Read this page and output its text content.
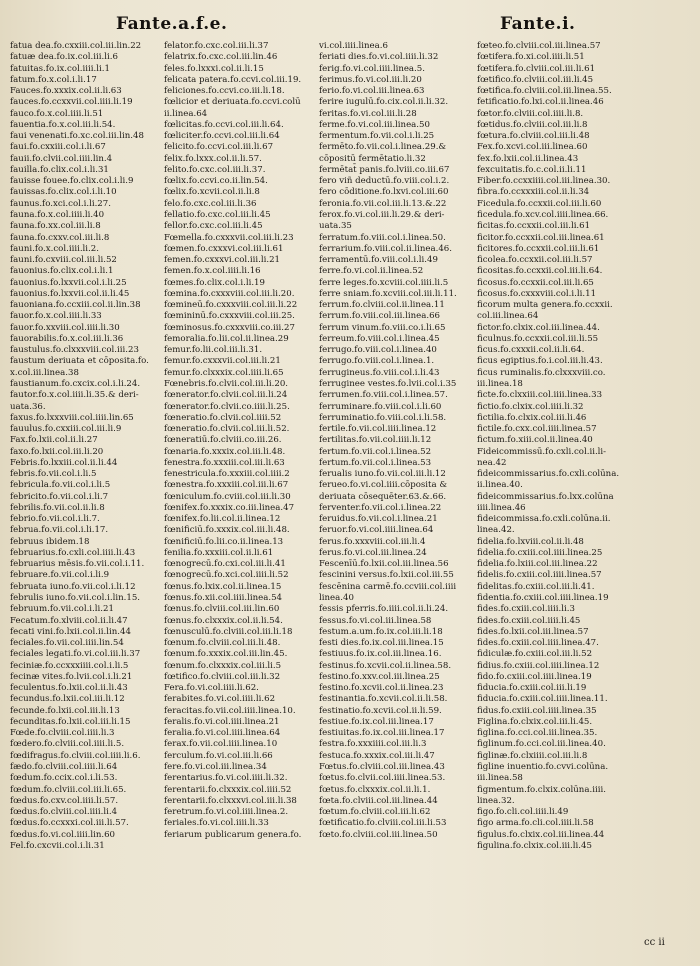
Fante.a.f.e.	Fante.i.
fatua dea.fo.cxxiii.col.iii.lin.22
fatuæ dea.fo.ix.col.iii.li.6
fatuitas.fo.ix.col.iiii.li.1
fatum.fo.x.col.i.li.17
Fauces.fo.xxxix.col.ii.li.63
fauces.fo.ccxxvii.col.iiii.li.19
fauco.fo.x.col.iiii.li.51
fauentia.fo.x.col.iii.li.54.
faui venenati.fo.xc.col.iii.lin.48
faui.fo.cxxiii.col.i.li.67
fauii.fo.clvii.col.iiii.lin.4
fauilla.fo.clix.col.i.li.31
fauisse fouee.fo.clix.col.i.li.9
fauissas.fo.clix.col.i.li.10
faunus.fo.xci.col.i.li.27.
fauna.fo.x.col.iiii.li.40
fauna.fo.xx.col.iii.li.8
fauna.fo.cxxv.col.iii.li.8
fauni.fo.x.col.iiii.li.2.
fauni.fo.cxviii.col.iii.li.52
fauonius.fo.clix.col.i.li.1
fauonius.fo.lxxvii.col.i.li.25
fauonius.fo.lxxvii.col.ii.li.45
fauoniana.fo.ccxiii.col.ii.lin.38
fauor.fo.x.col.iiii.li.33
fauor.fo.xxviii.col.iiii.li.30
fauorabilis.fo.x.col.iii.li.36
faustulus.fo.clxxxviii.col.iii.23
faustum deriuata et cōposita.fo.
x.col.iii.linea.38
faustianum.fo.cxcix.col.i.li.24.
fautor.fo.x.col.iiii.li.35.& deri-
uata.36.
faxus.fo.lxxxviii.col.iiii.lin.65
fauulus.fo.cxxiii.col.iii.li.9
Fax.fo.lxii.col.ii.li.27
faxo.fo.lxii.col.iii.li.20
Febris.fo.lxxiii.col.ii.li.44
febris.fo.vii.col.i.li.5
febricula.fo.vii.col.i.li.5
febricito.fo.vii.col.i.li.7
febrilis.fo.vii.col.ii.li.8
febrio.fo.vii.col.i.li.7.
februa.fo.vii.col.i.li.17.
februus ibidem.18
februarius.fo.cxli.col.iiii.li.43
februarius mēsis.fo.vii.col.i.11.
februare.fo.vii.col.i.li.9
februata iuno.fo.vii.col.i.li.12
februlis iuno.fo.vii.col.i.lin.15.
februum.fo.vii.col.i.li.21
Fecatum.fo.xlviii.col.ii.li.47
fecati vini.fo.lxii.col.ii.lin.44
feciales.fo.vii.col.iiii.lin.54
feciales legati.fo.vi.col.iii.li.37
feciniæ.fo.ccxxxiiii.col.i.li.5
fecinæ vites.fo.lvii.col.i.li.21
feculentus.fo.lxii.col.ii.li.43
fecundus.fo.lxii.col.iii.li.12
fecunde.fo.lxii.col.iii.li.13
fecunditas.fo.lxii.col.iii.li.15
Fœde.fo.clviii.col.iiii.li.3
fœdero.fo.clviii.col.iiii.li.5.
fœdifragus.fo.clviii.col.iiii.li.6.
fædo.fo.clviii.col.iiii.li.64
fœdum.fo.ccix.col.i.li.53.
fœdum.fo.clviii.col.iii.li.65.
fœdus.fo.cxv.col.iiii.li.57.
fœdus.fo.clviii.col.iiii.li.4
fœdus.fo.ccxxxi.col.iii.li.57.
fœdus.fo.vi.col.iiii.lin.60
Fel.fo.cxcvii.col.i.li.31
felator.fo.cxc.col.iii.li.37
felatrix.fo.cxc.col.iii.lin.46
feles.fo.lxxxi.col.ii.li.15
felicata patera.fo.ccvi.col.iii.19.
feliciones.fo.ccvi.co.iii.li.18.
fœlicior et deriuata.fo.ccvi.colū
ii.linea.64
fœlicitas.fo.ccvi.col.iii.li.64.
fœliciter.fo.ccvi.col.iii.li.64
felicito.fo.ccvi.col.iii.li.67
felix.fo.lxxx.col.ii.li.57.
felito.fo.cxc.col.iii.li.37.
fœlix.fo.ccvi.co.ii.lin.54.
fœlix.fo.xcvii.col.ii.li.8
felo.fo.cxc.col.iii.li.36
fellatio.fo.cxc.col.iii.li.45
fellor.fo.cxc.col.iii.li.45
Fœmella.fo.cxxxvii.col.iii.li.23
fœmen.fo.cxxxvi.col.iii.li.61
femen.fo.cxxxvi.col.iii.li.21
femen.fo.x.col.iiii.li.16
fœmes.fo.clix.col.i.li.19
fœmina.fo.cxxxviii.col.iii.li.20.
fœmineū.fo.cxxxviii.col.iii.li.22
fœmininū.fo.cxxxviii.col.iii.25.
fœminosus.fo.cxxxviii.co.iii.27
femoralia.fo.lii.col.ii.linea.29
femur.fo.lii.col.iii.li.31.
femur.fo.cxxxvii.col.iii.li.21
femur.fo.clxxxix.col.iiii.li.65
Fœnebris.fo.clvii.col.iii.li.20.
fœnerator.fo.clvii.col.iii.li.24
fœnerator.fo.clvii.co.iiii.li.25.
fœneratio.fo.clvii.col.iiii.52
fœneratio.fo.clvii.col.iii.li.52.
fœneratiū.fo.clviii.co.iii.26.
fœnaria.fo.xxxix.col.iii.li.48.
fenestra.fo.xxxiii.col.iii.li.63
fenestricula.fo.xxxiii.col.iiii.2
fœnestra.fo.xxxiii.col.iii.li.67
fœniculum.fo.cviii.col.iii.li.30
fœnifex.fo.xxxix.co.iii.linea.47
fœnifex.fo.lii.col.ii.linea.12
fœnificiū.fo.xxxix.col.iii.li.48.
fœnificiū.fo.lii.co.ii.linea.13
fenilia.fo.xxxiii.col.ii.li.61
fœnogrecū.fo.cxi.col.iii.li.41
fœnogrecū.fo.xci.col.iiii.li.52
fœnus.fo.lxix.col.ii.linea.15
fœnus.fo.xii.col.iiii.linea.54
fœnus.fo.clviii.col.iii.lin.60
fœnus.fo.clxxxix.col.ii.li.54.
fœnusculū.fo.clviii.col.iii.li.18
fœnum.fo.clviii.col.iii.li.48.
fœnum.fo.xxxix.col.iii.lin.45.
fœnum.fo.clxxxix.col.iii.li.5
fœtifico.fo.clviii.col.iii.li.32
Fera.fo.vi.col.iiii.li.62.
ferabites.fo.vi.col.iiii.li.62
feracitas.fo.vii.col.iiii.linea.10.
feralis.fo.vi.col.iiii.linea.21
feralia.fo.vi.col.iiii.linea.64
ferax.fo.vii.col.iiii.linea.10
ferculum.fo.vi.col.iii.li.66
fere.fo.vi.col.iii.linea.34
ferentarius.fo.vi.col.iiii.li.32.
ferentarii.fo.clxxxix.col.iiii.52
ferentarii.fo.clxxxvi.col.iii.li.38
feretrum.fo.vi.col.iiii.linea.2.
feriales.fo.vi.col.iiii.li.33
feriarum publicarum genera.fo.
vi.col.iiii.linea.6
feriati dies.fo.vi.col.iiii.li.32
ferig.fo.vi.col.iiii.linea.5.
ferimus.fo.vi.col.iii.li.20
ferio.fo.vi.col.iii.linea.63
ferire iugulū.fo.cix.col.ii.li.32.
feritas.fo.vi.col.iii.li.28
ferme.fo.vi.col.iii.linea.50
fermentum.fo.vii.col.i.li.25
fermēto.fo.vii.col.i.linea.29.&
cōpositū fermētatio.li.32
fermētat̄ panis.fo.lviii.co.iii.67
fero viñ deductū.fo.viii.col.i.2.
fero cōditione.fo.lxvi.col.iii.60
feronia.fo.vii.col.iii.li.13.&.22
ferox.fo.vi.col.iii.li.29.& deri-
uata.35
ferratum.fo.viii.col.i.linea.50.
ferrarium.fo.viii.col.ii.linea.46.
ferramentū.fo.viii.col.i.li.49
ferre.fo.vi.col.ii.linea.52
ferre leges.fo.xcviii.col.iiii.li.5
ferre sniam.fo.xcviii.col.iii.li.11.
ferrum.fo.clviii.col.ii.linea.11
ferrum.fo.viii.col.iii.linea.66
ferrum vinum.fo.viii.co.i.li.65
ferreum.fo.viii.col.i.linea.45
ferrugo.fo.viii.col.i.linea.40
ferrugo.fo.viii.col.i.linea.1.
ferrugineus.fo.viii.col.i.li.43
ferruginee vestes.fo.lvii.col.i.35
ferrumen.fo.viii.col.i.linea.57.
ferruminare.fo.viii.col.i.li.60
ferruminatio.fo.viii.col.i.li.58.
fertile.fo.vii.col.iiii.linea.12
fertilitas.fo.vii.col.iiii.li.12
fertum.fo.vii.col.i.linea.52
fertum.fo.vii.col.i.linea.53
ferualis iuno.fo.vii.col.iii.li.12
ferueo.fo.vi.col.iiii.cōposita &
deriuata cōsequēter.63.&.66.
ferventer.fo.vii.col.i.linea.22
feruidus.fo.vii.col.i.linea.21
feruor.fo.vi.col.iiii.linea.64
ferus.fo.xxxviii.col.iii.li.4
ferus.fo.vi.col.iii.linea.24
Fescenīū.fo.lxii.col.iii.linea.56
fescinini versus.fo.lxii.col.iii.55
fescēnina carmē.fo.ccviii.col.iiii
linea.40
fessis pferris.fo.iiii.col.ii.li.24.
fessus.fo.vi.col.iii.linea.58
festum.a.um.fo.ix.col.iii.li.18
festi dies.fo.ix.col.iii.linea.15
festiuus.fo.ix.col.iii.linea.16.
festinus.fo.xcvii.col.ii.linea.58.
festino.fo.xxv.col.iii.linea.25
festino.fo.xcvii.col.ii.linea.23
festinantia.fo.xcvii.col.ii.li.58.
festinatio.fo.xcvii.col.ii.li.59.
festiue.fo.ix.col.iii.linea.17
festiuitas.fo.ix.col.iii.linea.17
festra.fo.xxxiiii.col.iii.li.3
festuca.fo.xxxix.col.iii.li.47
Fœtus.fo.clviii.col.iii.linea.43
fœtus.fo.clvii.col.iiii.linea.53.
fœtus.fo.clxxxix.col.ii.li.1.
fœta.fo.clviii.col.iii.linea.44
fœtum.fo.clviii.col.iii.li.62
fœtificatio.fo.clviii.col.iii.li.53
fœto.fo.clviii.col.iii.linea.50
fœteo.fo.clviii.col.iii.linea.57
fœtifera.fo.xi.col.iiii.li.51
fœtifera.fo.clviii.col.iii.li.61
fœtifico.fo.clviii.col.iii.li.45
fœtifica.fo.clviii.col.iii.linea.55.
fetificatio.fo.lxi.col.ii.linea.46
fœtor.fo.clviii.col.iiii.li.8.
fœtidus.fo.clviii.col.iii.li.8
fœtura.fo.clviii.col.iii.li.48
Fex.fo.xcvi.col.iii.linea.60
fex.fo.lxii.col.ii.linea.43
fexcuitatis.fo.c.col.ii.li.11
Fiber.fo.ccxxiiii.col.iii.linea.30.
fibra.fo.ccxxxiii.col.ii.li.34
Ficedula.fo.ccxxii.col.iii.li.60
ficedula.fo.xcv.col.iiii.linea.66.
ficitas.fo.ccxxii.col.iii.li.61
ficitor.fo.ccxxii.col.iii.linea.61
ficitores.fo.ccxxii.col.iii.li.61
ficolea.fo.ccxxii.col.iii.li.57
ficositas.fo.ccxxii.col.iii.li.64.
ficosus.fo.ccxxii.col.iii.li.65
ficosus.fo.cxxxviii.col.i.li.11
ficorum multa genera.fo.ccxxii.
col.iii.linea.64
fictor.fo.clxix.col.iii.linea.44.
ficulnus.fo.ccxxii.col.iii.li.55
ficus.fo.cxxxii.col.ii.li.64.
ficus egiptius.fo.i.col.iii.li.43.
ficus ruminalis.fo.clxxxviii.co.
iii.linea.18
ficte.fo.clxxiii.col.iiii.linea.33
fictio.fo.clxix.col.iiii.li.32
fictilia.fo.clxix.col.iii.li.46
fictile.fo.cxx.col.iiii.linea.57
fictum.fo.xiii.col.ii.linea.40
Fideicommissū.fo.cxli.col.ii.li-
nea.42
fideicommissarius.fo.cxli.colūna.
ii.linea.40.
fideicommissarius.fo.lxx.colūna
iiii.linea.46
fideicommissa.fo.cxli.colūna.ii.
linea.42.
fidelia.fo.lxviii.col.ii.li.48
fidelia.fo.cxiii.col.iiii.linea.25
fidelia.fo.lxiii.col.iii.linea.22
fidelis.fo.cxiii.col.iiii.linea.57
fidelitas.fo.cxiii.col.iii.li.41.
fidentia.fo.cxiii.col.iiii.linea.19
fides.fo.cxiii.col.iiii.li.3
fides.fo.cxiii.col.iiii.li.45
fides.fo.lxii.col.iii.linea.57
fides.fo.cxiii.col.iiii.linea.47.
fidiculæ.fo.cxiii.col.iii.li.52
fidius.fo.cxiii.col.iiii.linea.12
fido.fo.cxiii.col.iiii.linea.19
fiducia.fo.cxiii.col.iii.li.19
fiducia.fo.cxiii.col.iiii.linea.11.
fidus.fo.cxiii.col.iiii.linea.35
Figlina.fo.clxix.col.iii.li.45.
figlina.fo.cci.col.iii.linea.35.
figlinum.fo.cci.col.iii.linea.40.
figlinæ.fo.clxiiii.col.iii.li.8
figline inuentio.fo.cvvi.colūna.
iii.linea.58
figmentum.fo.clxix.colūna.iiii.
linea.32.
figo.fo.cli.col.iiii.li.49
figo arma.fo.cli.col.iiii.li.58
figulus.fo.clxix.col.iii.linea.44
figulina.fo.clxix.col.iii.li.45
cc ii
